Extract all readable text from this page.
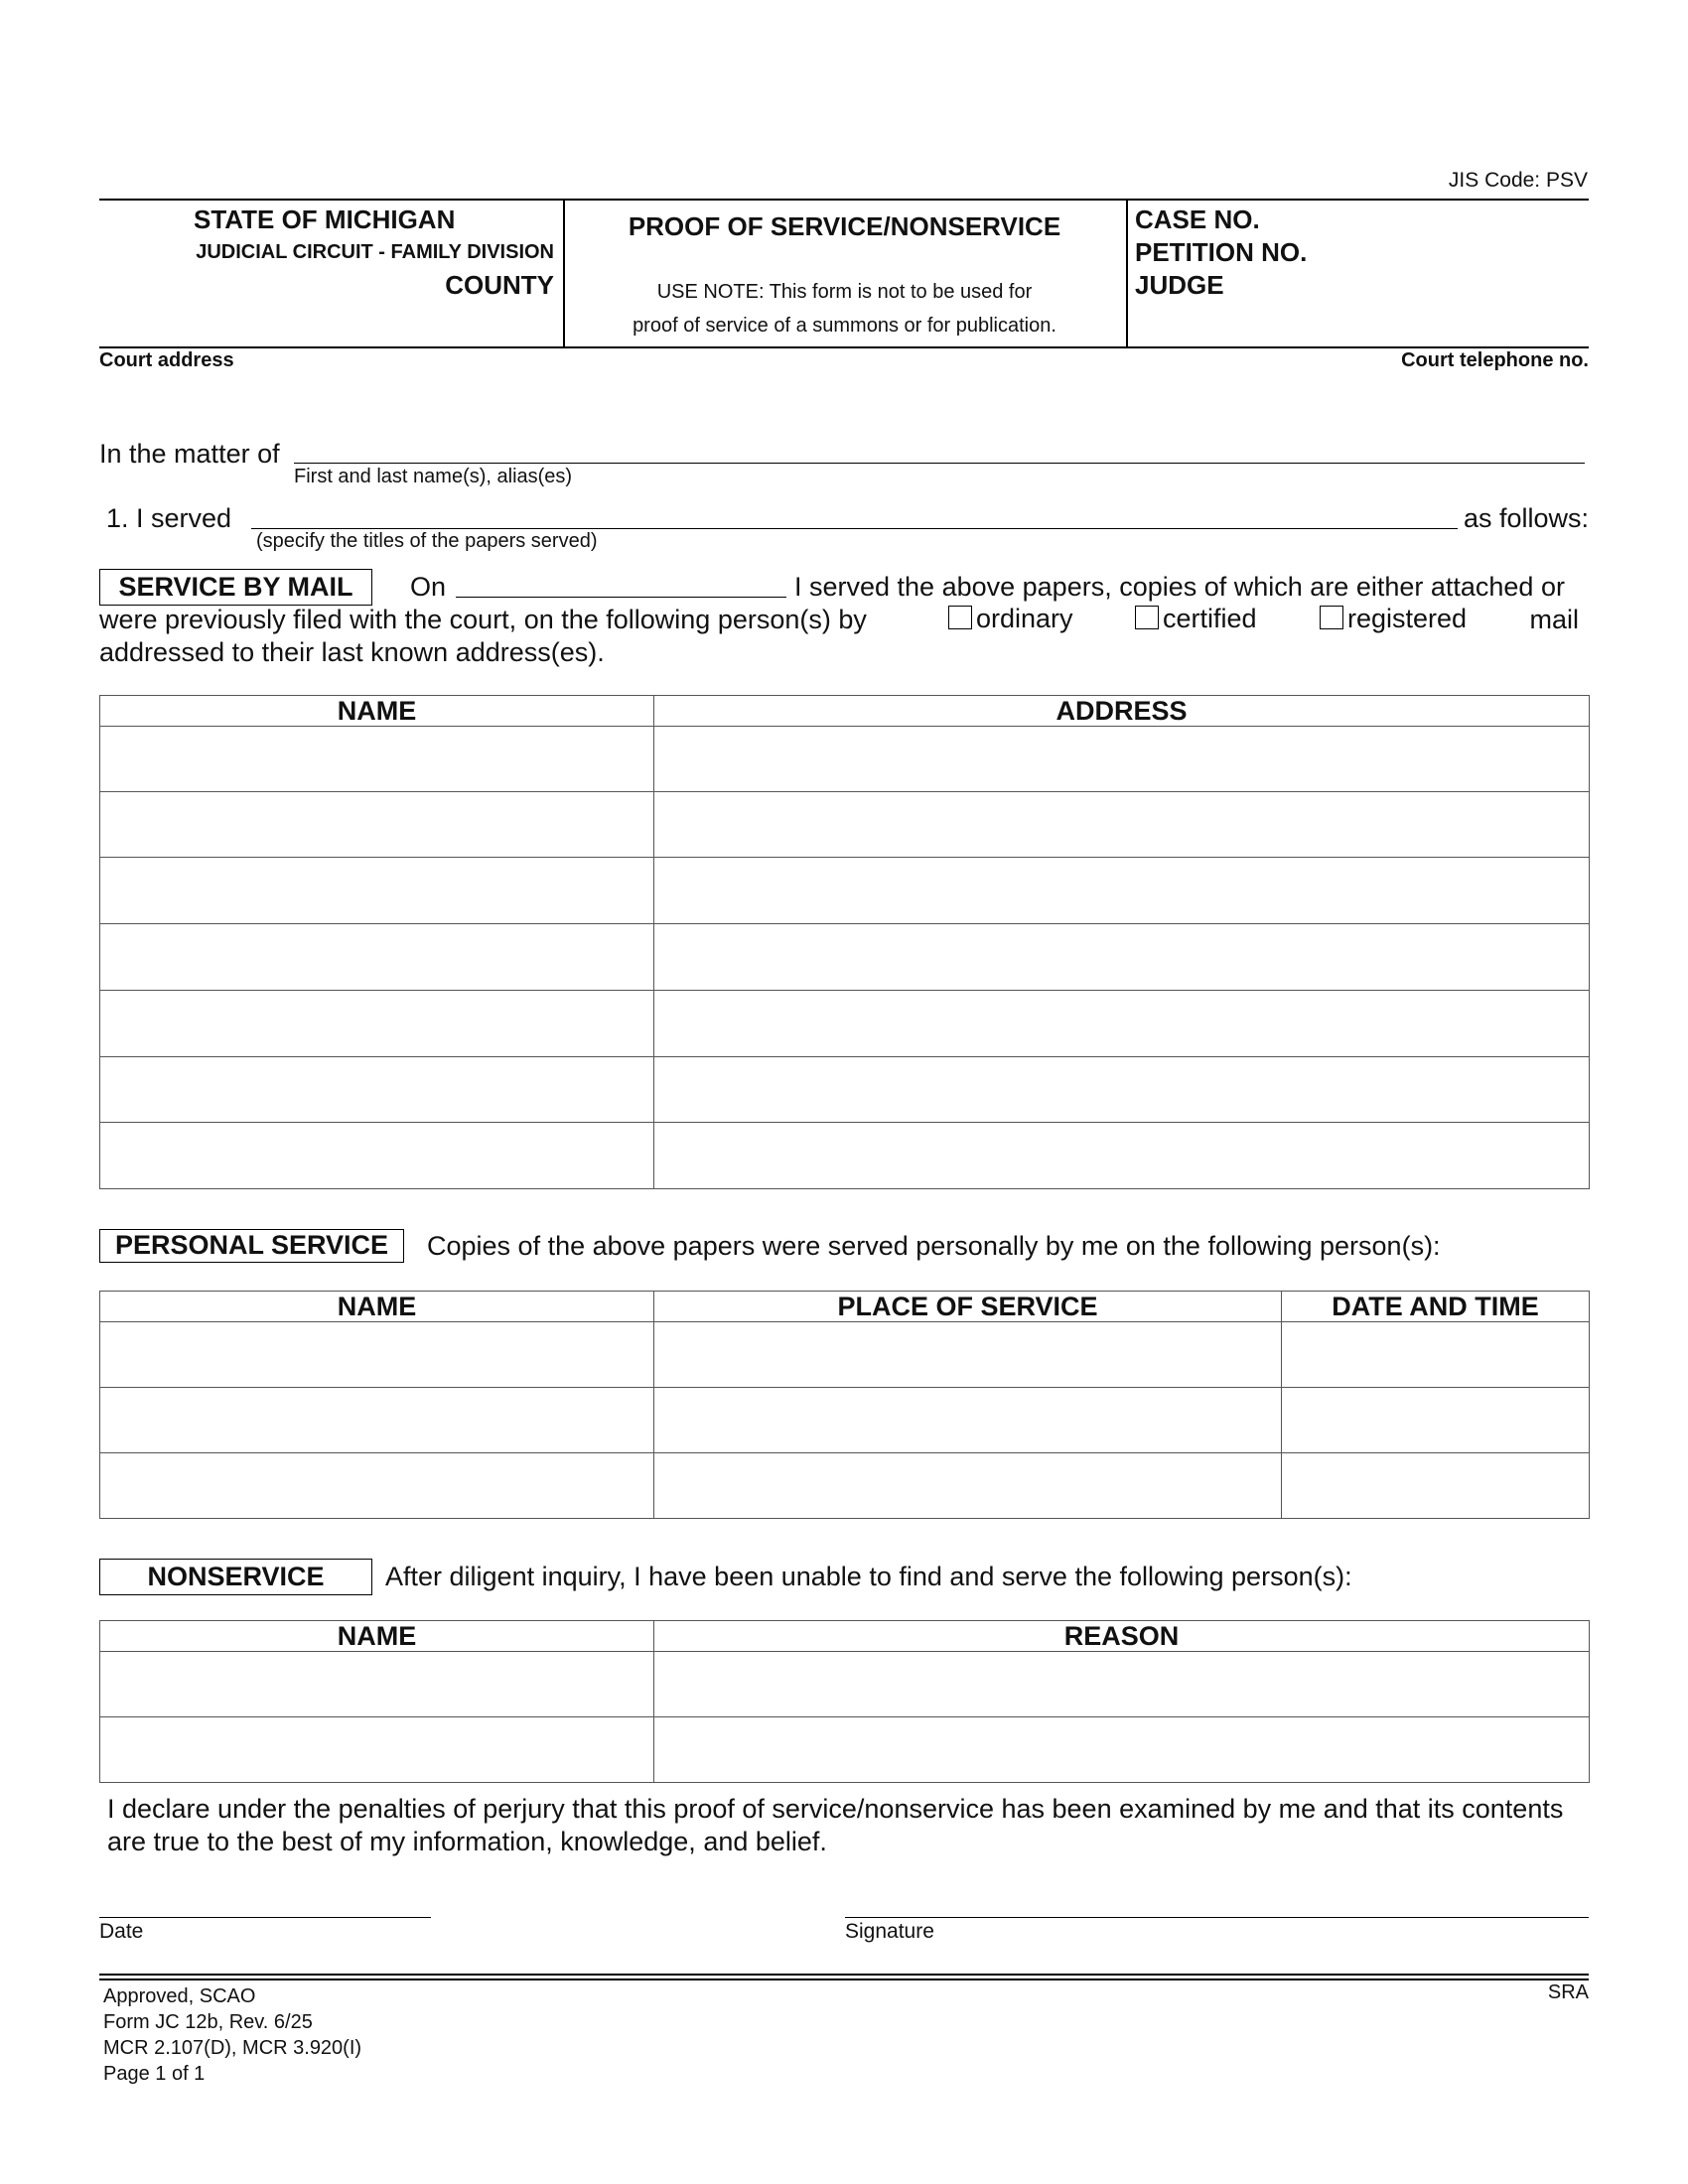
JIS Code: PSV
STATE OF MICHIGAN
JUDICIAL CIRCUIT - FAMILY DIVISION
COUNTY
PROOF OF SERVICE/NONSERVICE
USE NOTE: This form is not to be used for
proof of service of a summons or for publication.
CASE NO.
PETITION NO.
JUDGE
Court address	Court telephone no.
In the matter of
First and last name(s), alias(es)
1. I served
(specify the titles of the papers served)
as follows:
SERVICE BY MAIL	On	I served the above papers, copies of which are either attached or
were previously filed with the court, on the following person(s) by	ordinary	certified	registered mail
addressed to their last known address(es).
NAME	ADDRESS

PERSONAL SERVICE	Copies of the above papers were served personally by me on the following person(s):
NAME	PLACE OF SERVICE	DATE AND TIME

NONSERVICE	After diligent inquiry, I have been unable to find and serve the following person(s):
NAME	REASON

I declare under the penalties of perjury that this proof of service/nonservice has been examined by me and that its contents
are true to the best of my information, knowledge, and belief.
Date	Signature
Approved, SCAO
Form JC 12b, Rev. 6/25
MCR 2.107(D), MCR 3.920(I)
Page 1 of 1
SRA
